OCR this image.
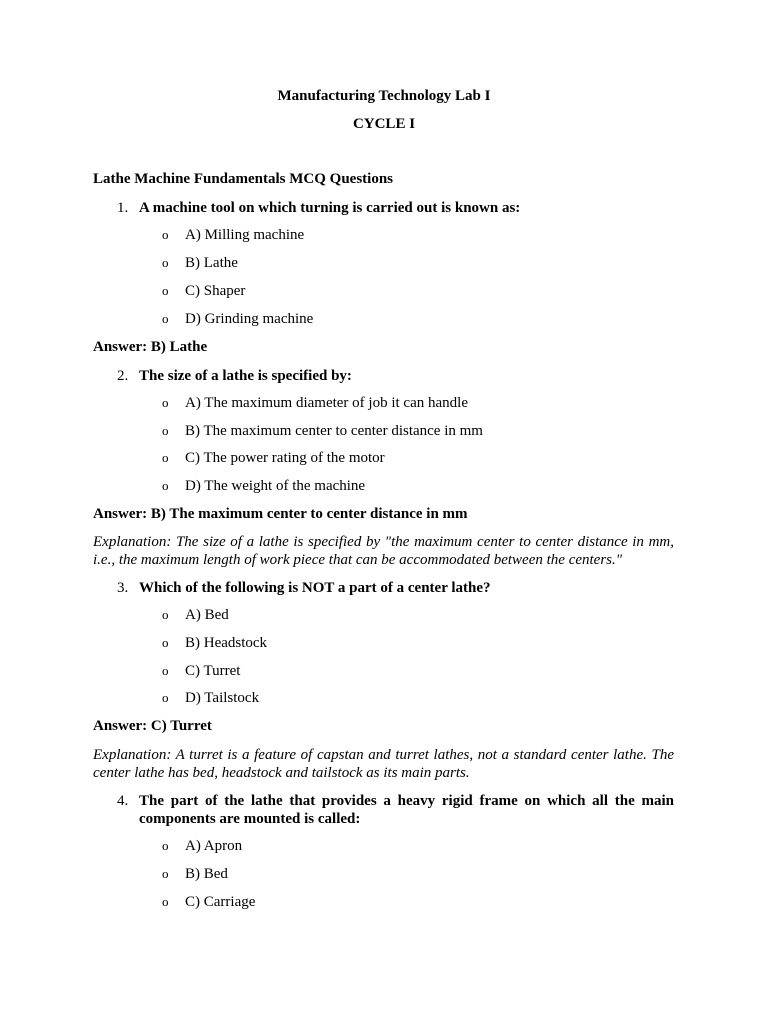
Manufacturing Technology Lab I
CYCLE I
Lathe Machine Fundamentals MCQ Questions
1. A machine tool on which turning is carried out is known as:
o A) Milling machine
o B) Lathe
o C) Shaper
o D) Grinding machine
Answer: B) Lathe
2. The size of a lathe is specified by:
o A) The maximum diameter of job it can handle
o B) The maximum center to center distance in mm
o C) The power rating of the motor
o D) The weight of the machine
Answer: B) The maximum center to center distance in mm
Explanation: The size of a lathe is specified by "the maximum center to center distance in mm, i.e., the maximum length of work piece that can be accommodated between the centers."
3. Which of the following is NOT a part of a center lathe?
o A) Bed
o B) Headstock
o C) Turret
o D) Tailstock
Answer: C) Turret
Explanation: A turret is a feature of capstan and turret lathes, not a standard center lathe. The center lathe has bed, headstock and tailstock as its main parts.
4. The part of the lathe that provides a heavy rigid frame on which all the main components are mounted is called:
o A) Apron
o B) Bed
o C) Carriage
